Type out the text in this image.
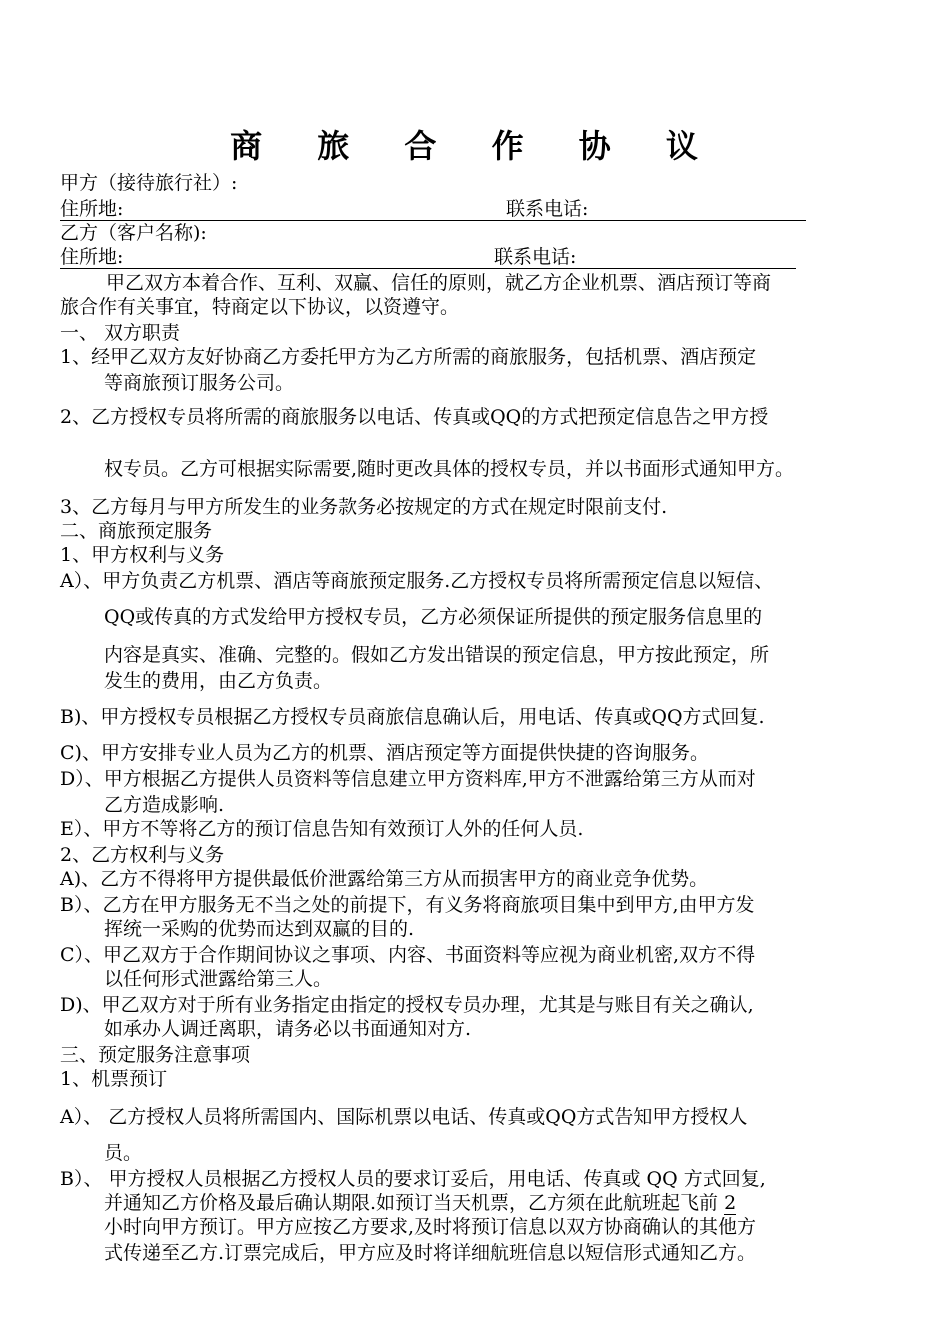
商 旅 合 作 协 议
甲方（接待旅行社）:
住所地:	联系电话:
乙方（客户名称):
住所地:	联系电话:
甲乙双方本着合作、互利、双赢、信任的原则，就乙方企业机票、酒店预订等商
旅合作有关事宜，特商定以下协议，以资遵守。
一、 双方职责
1、经甲乙双方友好协商乙方委托甲方为乙方所需的商旅服务，包括机票、酒店预定
等商旅预订服务公司。
2、乙方授权专员将所需的商旅服务以电话、传真或QQ的方式把预定信息告之甲方授
权专员。乙方可根据实际需要,随时更改具体的授权专员，并以书面形式通知甲方。
3、乙方每月与甲方所发生的业务款务必按规定的方式在规定时限前支付.
二、商旅预定服务
1、甲方权利与义务
A）、甲方负责乙方机票、酒店等商旅预定服务.乙方授权专员将所需预定信息以短信、
QQ或传真的方式发给甲方授权专员，乙方必须保证所提供的预定服务信息里的
内容是真实、准确、完整的。假如乙方发出错误的预定信息，甲方按此预定，所
发生的费用，由乙方负责。
B)、甲方授权专员根据乙方授权专员商旅信息确认后，用电话、传真或QQ方式回复.
C)、甲方安排专业人员为乙方的机票、酒店预定等方面提供快捷的咨询服务。
D）、甲方根据乙方提供人员资料等信息建立甲方资料库,甲方不泄露给第三方从而对
乙方造成影响.
E）、甲方不等将乙方的预订信息告知有效预订人外的任何人员.
2、乙方权利与义务
A)、乙方不得将甲方提供最低价泄露给第三方从而损害甲方的商业竞争优势。
B）、乙方在甲方服务无不当之处的前提下，有义务将商旅项目集中到甲方,由甲方发
挥统一采购的优势而达到双赢的目的.
C）、甲乙双方于合作期间协议之事项、内容、书面资料等应视为商业机密,双方不得
以任何形式泄露给第三人。
D)、甲乙双方对于所有业务指定由指定的授权专员办理，尤其是与账目有关之确认,
如承办人调迁离职，请务必以书面通知对方.
三、预定服务注意事项
1、机票预订
A）、 乙方授权人员将所需国内、国际机票以电话、传真或QQ方式告知甲方授权人
员。
B）、 甲方授权人员根据乙方授权人员的要求订妥后，用电话、传真或 QQ 方式回复,
并通知乙方价格及最后确认期限.如预订当天机票，乙方须在此航班起飞前 2
小时向甲方预订。甲方应按乙方要求,及时将预订信息以双方协商确认的其他方
式传递至乙方.订票完成后，甲方应及时将详细航班信息以短信形式通知乙方。
